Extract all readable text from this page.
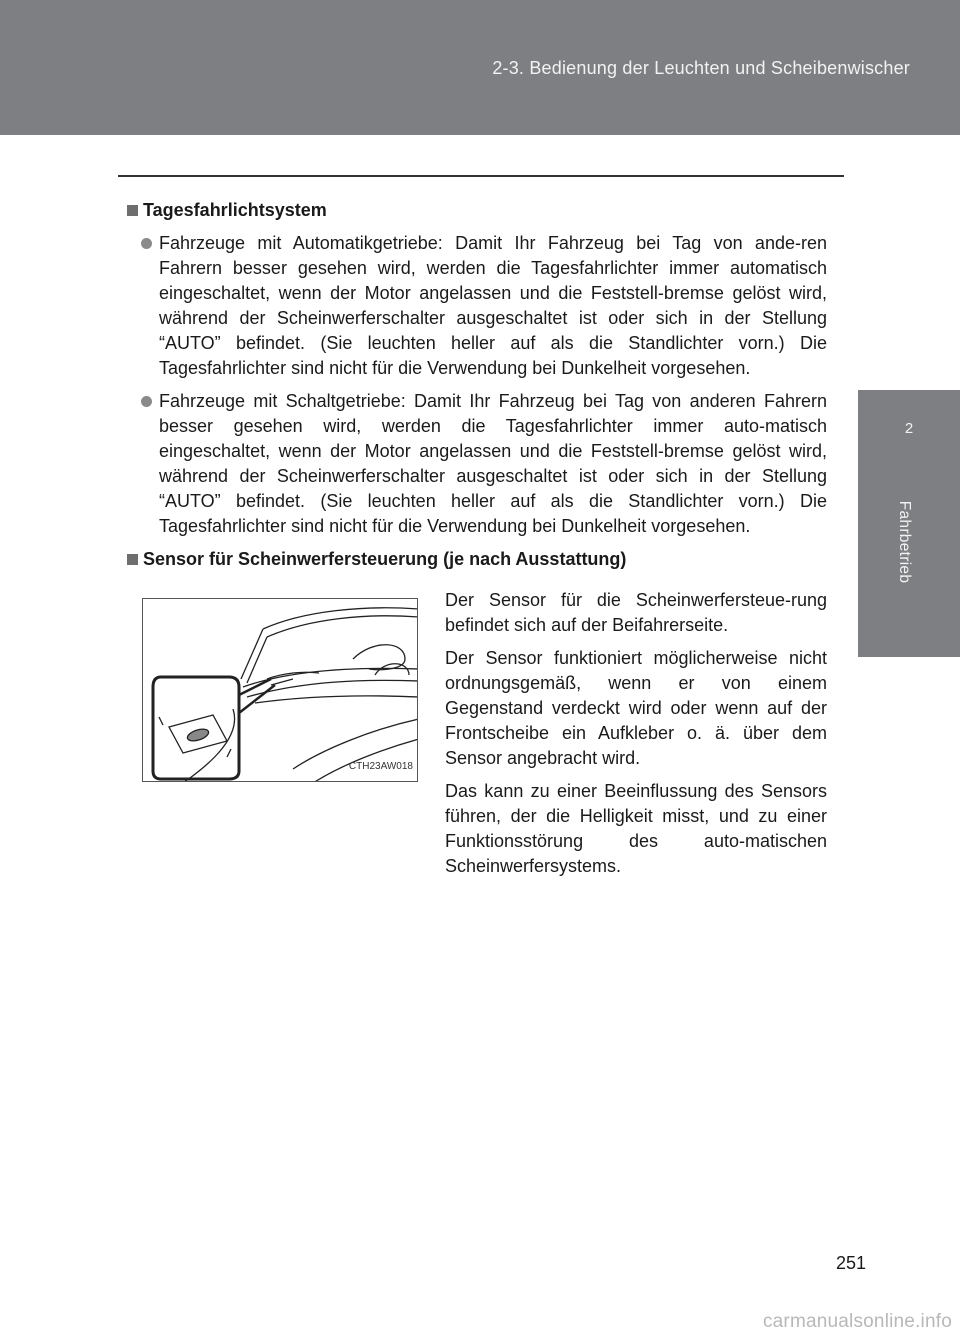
2-3. Bedienung der Leuchten und Scheibenwischer
2
Fahrbetrieb
Tagesfahrlichtsystem
Fahrzeuge mit Automatikgetriebe: Damit Ihr Fahrzeug bei Tag von ande-ren Fahrern besser gesehen wird, werden die Tagesfahrlichter immer automatisch eingeschaltet, wenn der Motor angelassen und die Feststell-bremse gelöst wird, während der Scheinwerferschalter ausgeschaltet ist oder sich in der Stellung “AUTO” befindet. (Sie leuchten heller auf als die Standlichter vorn.) Die Tagesfahrlichter sind nicht für die Verwendung bei Dunkelheit vorgesehen.
Fahrzeuge mit Schaltgetriebe: Damit Ihr Fahrzeug bei Tag von anderen Fahrern besser gesehen wird, werden die Tagesfahrlichter immer auto-matisch eingeschaltet, wenn der Motor angelassen und die Feststell-bremse gelöst wird, während der Scheinwerferschalter ausgeschaltet ist oder sich in der Stellung “AUTO” befindet. (Sie leuchten heller auf als die Standlichter vorn.) Die Tagesfahrlichter sind nicht für die Verwendung bei Dunkelheit vorgesehen.
Sensor für Scheinwerfersteuerung (je nach Ausstattung)
CTH23AW018

Der Sensor für die Scheinwerfersteue-rung befindet sich auf der Beifahrerseite.

Der Sensor funktioniert möglicherweise nicht ordnungsgemäß, wenn er von einem Gegenstand verdeckt wird oder wenn auf der Frontscheibe ein Aufkleber o. ä. über dem Sensor angebracht wird.

Das kann zu einer Beeinflussung des Sensors führen, der die Helligkeit misst, und zu einer Funktionsstörung des auto-matischen Scheinwerfersystems.

251
carmanualsonline.info
